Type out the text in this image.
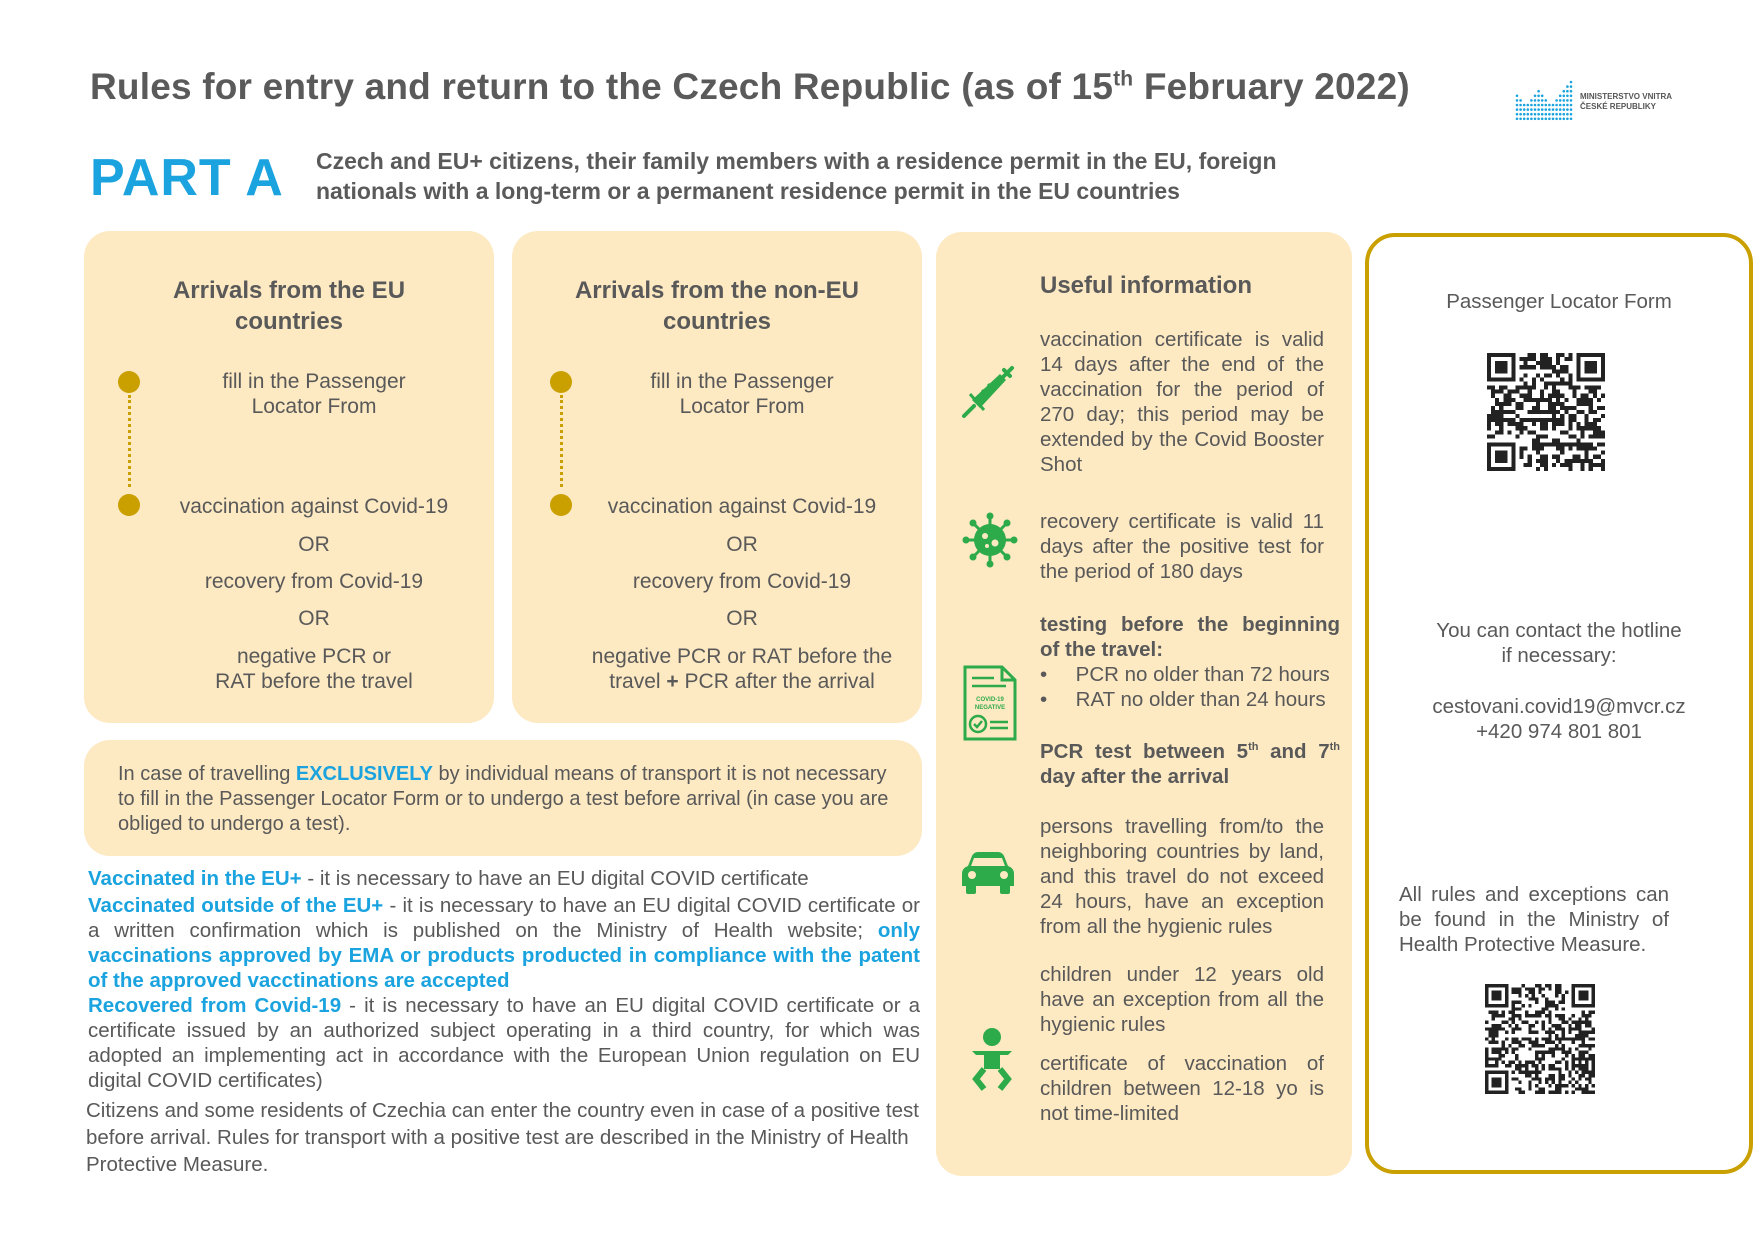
Rules for entry and return to the Czech Republic (as of 15th February 2022)	MINISTERSTVO VNITRA
ČESKÉ REPUBLIKY
PART A Czech and EU+ citizens, their family members with a residence permit in the EU, foreign nationals with a long-term or a permanent residence permit in the EU countries
Arrivals from the EU countries
fill in the Passenger Locator From
vaccination against Covid-19
OR
recovery from Covid-19
OR
negative PCR or RAT before the travel
Arrivals from the non-EU countries
fill in the Passenger Locator From
vaccination against Covid-19
OR
recovery from Covid-19
OR
negative PCR or RAT before the travel + PCR after the arrival
In case of travelling EXCLUSIVELY by individual means of transport it is not necessary to fill in the Passenger Locator Form or to undergo a test before arrival (in case you are obliged to undergo a test).

Vaccinated in the EU+ - it is necessary to have an EU digital COVID certificate

Vaccinated outside of the EU+ - it is necessary to have an EU digital COVID certificate or a written confirmation which is published on the Ministry of Health website; only vaccinations approved by EMA or products producted in compliance with the patent of the approved vacctinations are accepted

Recovered from Covid-19 - it is necessary to have an EU digital COVID certificate or a certificate issued by an authorized subject operating in a third country, for which was adopted an implementing act in accordance with the European Union regulation on EU digital COVID certificates)

Citizens and some residents of Czechia can enter the country even in case of a positive test before arrival. Rules for transport with a positive test are described in the Ministry of Health Protective Measure.
Useful information
vaccination certificate is valid 14 days after the end of the vaccination for the period of 270 day; this period may be extended by the Covid Booster Shot
recovery certificate is valid 11 days after the positive test for the period of 180 days
COVID-19
NEGATIVE
testing before the beginning of the travel:
•     PCR no older than 72 hours
•     RAT no older than 24 hours
PCR test between 5th and 7th day after the arrival
persons travelling from/to the neighboring countries by land, and this travel do not exceed 24 hours, have an exception from all the hygienic rules
children under 12 years old have an exception from all the hygienic rules
certificate of vaccination of children between 12-18 yo is not time-limited
Passenger Locator Form
You can contact the hotline
if necessary:
cestovani.covid19@mvcr.cz
+420 974 801 801
All rules and exceptions can be found in the Ministry of Health Protective Measure.
